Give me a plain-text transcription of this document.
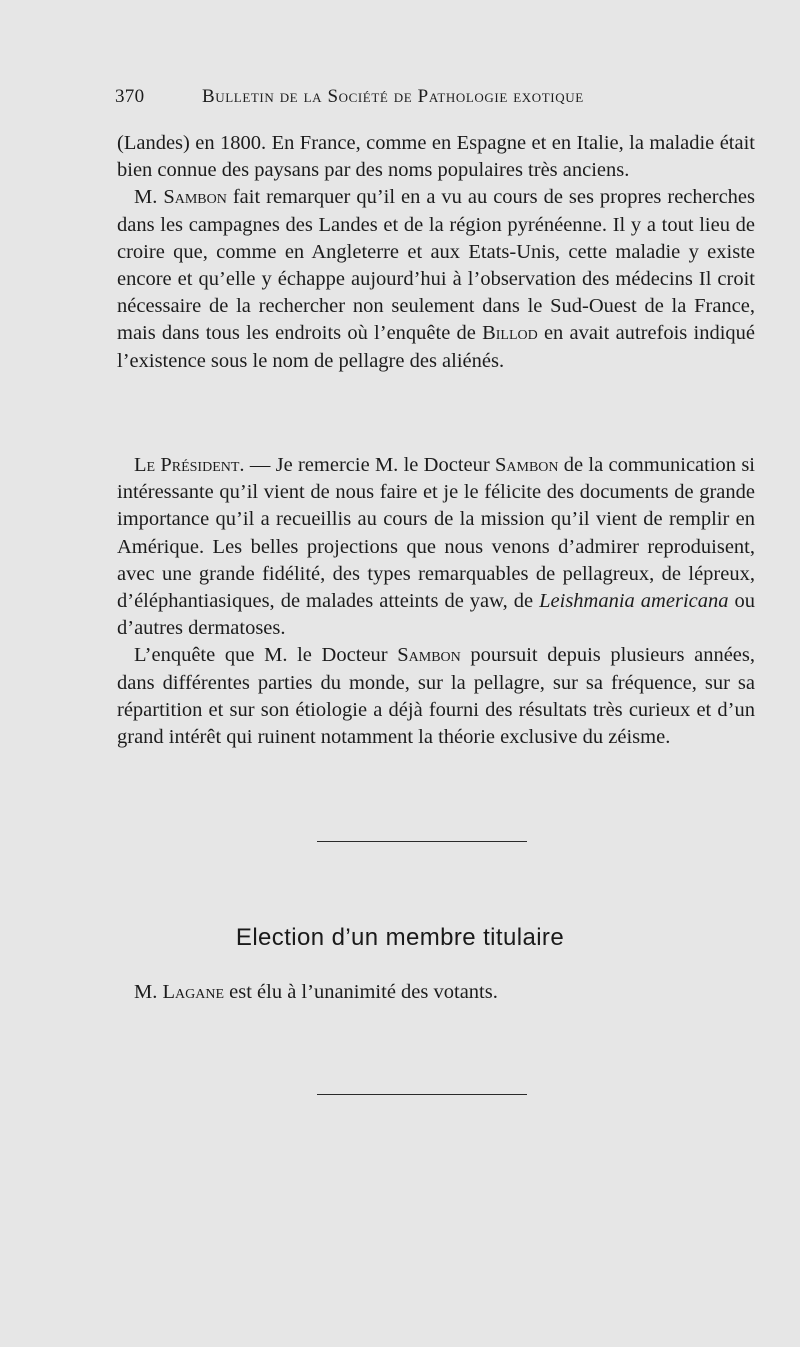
370	Bulletin de la Société de Pathologie exotique

(Landes) en 1800. En France, comme en Espagne et en Italie, la maladie était bien connue des paysans par des noms populaires très anciens.

M. Sambon fait remarquer qu’il en a vu au cours de ses propres recherches dans les campagnes des Landes et de la région pyrénéenne. Il y a tout lieu de croire que, comme en Angleterre et aux Etats-Unis, cette maladie y existe encore et qu’elle y échappe aujourd’hui à l’observation des médecins Il croit nécessaire de la rechercher non seulement dans le Sud-Ouest de la France, mais dans tous les endroits où l’enquête de Billod en avait autrefois indiqué l’existence sous le nom de pellagre des aliénés.

Le Président. — Je remercie M. le Docteur Sambon de la communication si intéressante qu’il vient de nous faire et je le félicite des documents de grande importance qu’il a recueillis au cours de la mission qu’il vient de remplir en Amérique. Les belles projections que nous venons d’admirer reproduisent, avec une grande fidélité, des types remarquables de pellagreux, de lépreux, d’éléphantiasiques, de malades atteints de yaw, de Leishmania americana ou d’autres dermatoses.

L’enquête que M. le Docteur Sambon poursuit depuis plusieurs années, dans différentes parties du monde, sur la pellagre, sur sa fréquence, sur sa répartition et sur son étiologie a déjà fourni des résultats très curieux et d’un grand intérêt qui ruinent notamment la théorie exclusive du zéisme.

Election d’un membre titulaire

M. Lagane est élu à l’unanimité des votants.
